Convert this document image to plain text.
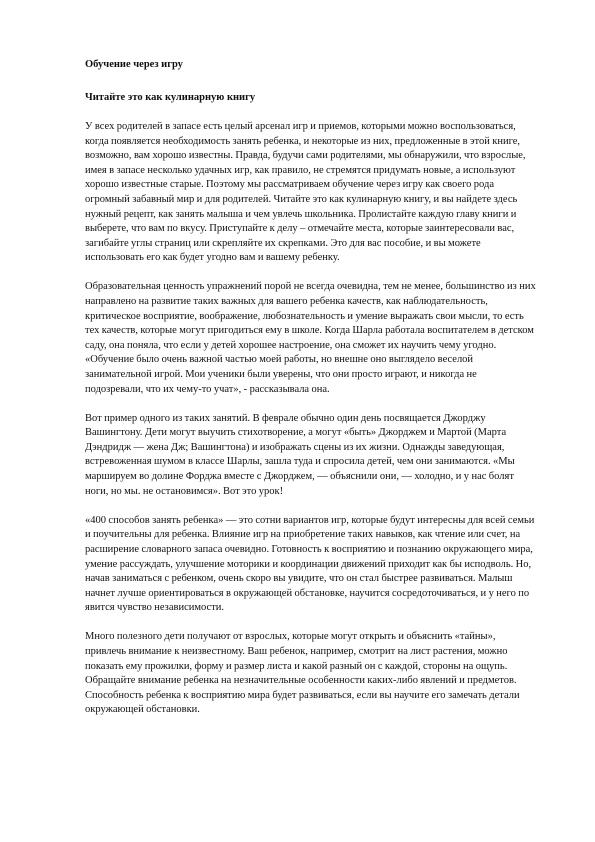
Обучение через игру
Читайте это как кулинарную книгу

У всех родителей в запасе есть целый арсенал игр и приемов, которыми можно воспользоваться, когда появляется необходимость занять ребенка, и некоторые из них, предложенные в этой книге, возможно, вам хорошо известны. Правда, будучи сами родителями, мы обнаружили, что взрослые, имея в запасе несколько удачных игр, как правило, не стремятся придумать новые, а используют хорошо известные старые. Поэтому мы рассматриваем обучение через игру как своего рода огромный забавный мир и для родителей. Читайте это как кулинарную книгу, и вы найдете здесь нужный рецепт, как занять малыша и чем увлечь школьника. Пролистайте каждую главу книги и выберете, что вам по вкусу. Приступайте к делу – отмечайте места, которые заинтересовали вас, загибайте углы страниц или скрепляйте их скрепками. Это для вас пособие, и вы можете использовать его как будет угодно вам и вашему ребенку.

Образовательная ценность упражнений порой не всегда очевидна, тем не менее, большинство из них направлено на развитие таких важных для вашего ребенка качеств, как наблюдательность, критическое восприятие, воображение, любознательность и умение выражать свои мысли, то есть тех качеств, которые могут пригодиться ему в школе. Когда Шарла работала воспитателем в детском саду, она поняла, что если у детей хорошее настроение, она сможет их научить чему угодно. «Обучение было очень важной частью моей работы, но внешне оно выглядело веселой занимательной игрой. Мои ученики были уверены, что они просто играют, и никогда не подозревали, что их чему-то учат», - рассказывала она.

Вот пример одного из таких занятий. В феврале обычно один день посвящается Джорджу Вашингтону. Дети могут выучить стихотворение, а могут «быть» Джорджем и Мартой (Марта Дэндридж — жена Дж; Вашингтона) и изображать сцены из их жизни. Однажды заведующая, встревоженная шумом в классе Шарлы, зашла туда и спросила детей, чем они занимаются. «Мы маршируем во долине Форджа вместе с Джорджем, — объяснили они, — холодно, и у нас болят ноги, но мы. не остановимся». Вот это урок!

«400 способов занять ребенка» — это сотни вариантов игр, которые будут интересны для всей семьи и поучительны для ребенка. Влияние игр на приобретение таких навыков, как чтение или счет, на расширение словарного запаса очевидно. Готовность к восприятию и познанию окружающего мира, умение рассуждать, улучшение моторики и координации движений приходит как бы исподволь. Но, начав заниматься с ребенком, очень скоро вы увидите, что он стал быстрее развиваться. Малыш начнет лучше ориентироваться в окружающей обстановке, научится сосредоточиваться, и у него по явится чувство независимости.

Много полезного дети получают от взрослых, которые могут открыть и объяснить «тайны», привлечь внимание к неизвестному. Ваш ребенок, например, смотрит на лист растения, можно показать ему прожилки, форму и размер листа и какой разный он с каждой, стороны на ощупь. Обращайте внимание ребенка на незначительные особенности каких-либо явлений и предметов. Способность ребенка к восприятию мира будет развиваться, если вы научите его замечать детали окружающей обстановки.
